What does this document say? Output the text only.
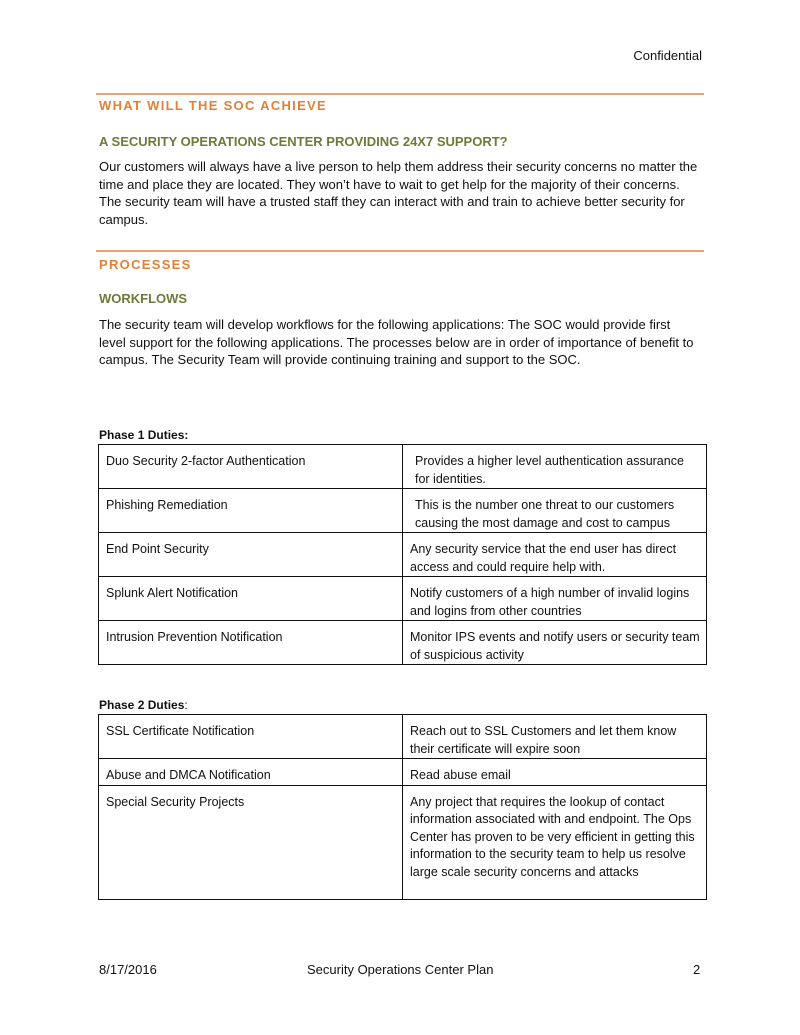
Confidential
WHAT WILL THE SOC ACHIEVE
A SECURITY OPERATIONS CENTER PROVIDING 24X7 SUPPORT?
Our customers will always have a live person to help them address their security concerns no matter the time and place they are located. They won’t have to wait to get help for the majority of their concerns. The security team will have a trusted staff they can interact with and train to achieve better security for campus.
PROCESSES
WORKFLOWS
The security team will develop workflows for the following applications: The SOC would provide first level support for the following applications. The processes below are in order of importance of benefit to campus. The Security Team will provide continuing training and support to the SOC.
Phase 1 Duties:
Duo Security 2-factor Authentication	Provides a higher level authentication assurance for identities.
Phishing Remediation	This is the number one threat to our customers causing the most damage and cost to campus
End Point Security	Any security service that the end user has direct access and could require help with.
Splunk Alert Notification	Notify customers of a high number of invalid logins and logins from other countries
Intrusion Prevention Notification	Monitor IPS events and notify users or security team of suspicious activity
Phase 2 Duties:
SSL Certificate Notification	Reach out to SSL Customers and let them know their certificate will expire soon
Abuse and DMCA Notification	Read abuse email
Special Security Projects	Any project that requires the lookup of contact information associated with and endpoint. The Ops Center has proven to be very efficient in getting this information to the security team to help us resolve large scale security concerns and attacks
8/17/2016	Security Operations Center Plan	2
